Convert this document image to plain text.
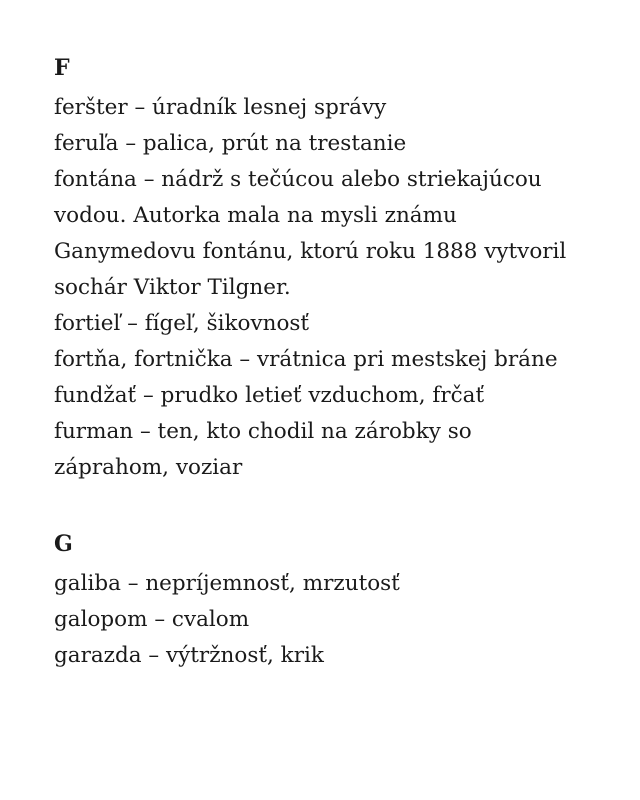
F

feršter – úradník lesnej správy

feruľa – palica, prút na trestanie

fontána – nádrž s tečúcou alebo striekajúcou

vodou. Autorka mala na mysli známu

Ganymedovu fontánu, ktorú roku 1888 vytvoril

sochár Viktor Tilgner.

fortieľ – fígeľ, šikovnosť

fortňa, fortnička – vrátnica pri mestskej bráne

fundžať – prudko letieť vzduchom, frčať

furman – ten, kto chodil na zárobky so

záprahom, voziar

G

galiba – nepríjemnosť, mrzutosť

galopom – cvalom

garazda – výtržnosť, krik
